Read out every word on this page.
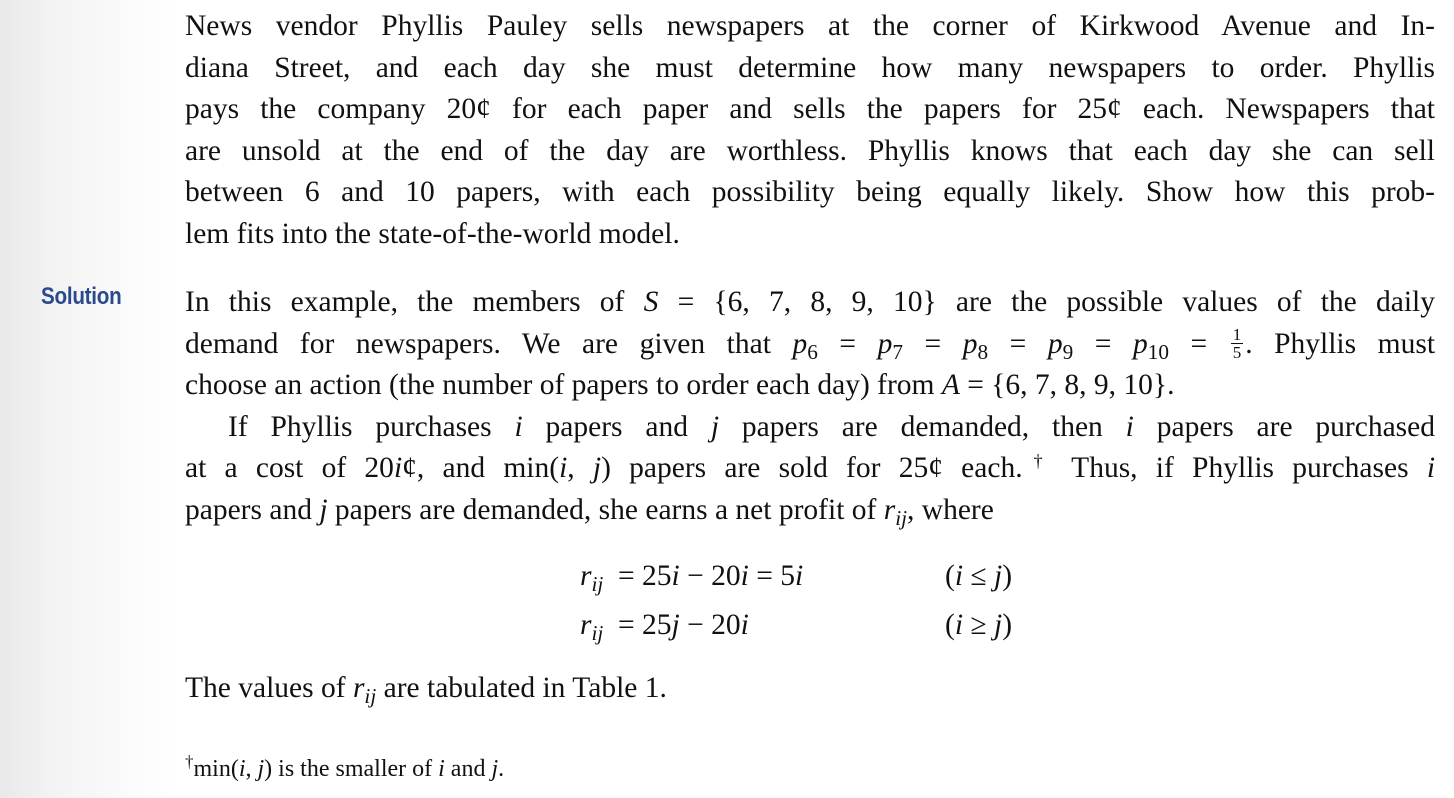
News vendor Phyllis Pauley sells newspapers at the corner of Kirkwood Avenue and In-
diana Street, and each day she must determine how many newspapers to order. Phyllis
pays the company 20¢ for each paper and sells the papers for 25¢ each. Newspapers that
are unsold at the end of the day are worthless. Phyllis knows that each day she can sell
between 6 and 10 papers, with each possibility being equally likely. Show how this prob-
lem fits into the state-of-the-world model.
Solution In this example, the members of S = {6, 7, 8, 9, 10} are the possible values of the daily
demand for newspapers. We are given that $p_6 = p_7 = p_8 = p_9 = p_{10} = \frac{1}{5}$ . Phyllis must
choose an action (the number of papers to order each day) from A = {6, 7, 8, 9, 10}.
If Phyllis purchases i papers and j papers are demanded, then i papers are purchased
at a cost of 20i¢, and min(i, j) papers are sold for 25¢ each.† Thus, if Phyllis purchases i
papers and j papers are demanded, she earns a net profit of $r_{ij}$, where
$r_{ij} = 25i - 20i = 5i$	(i ≤ j)
$r_{ij} = 25j - 20i$	(i ≥ j)
The values of $r_{ij}$ are tabulated in Table 1.
†min(i, j) is the smaller of i and j.
